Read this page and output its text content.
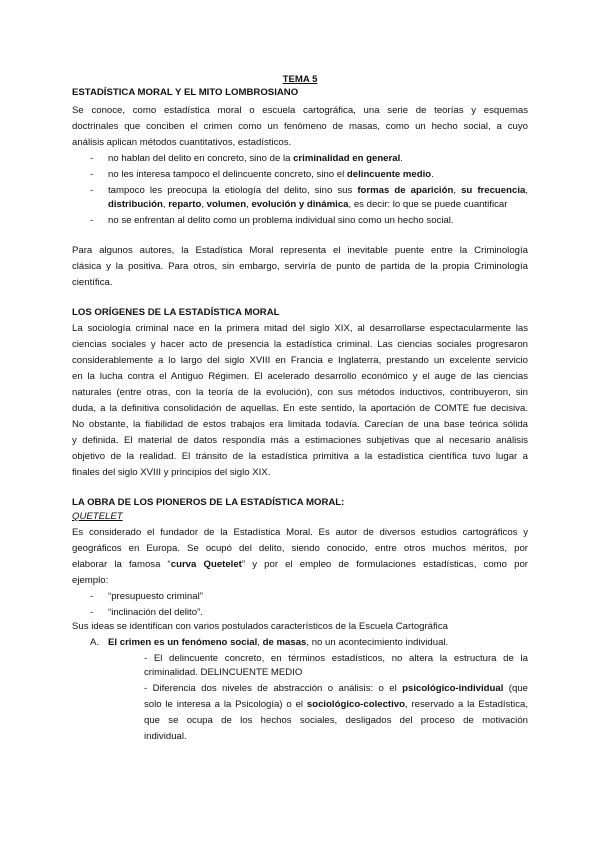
TEMA 5
ESTADÍSTICA MORAL Y EL MITO LOMBROSIANO
Se conoce, como estadística moral o escuela cartográfica, una serie de teorías y esquemas
doctrinales que conciben el crimen como un fenómeno de masas, como un hecho social, a cuyo
análisis aplican métodos cuantitativos, estadísticos.
- no hablan del delito en concreto, sino de la criminalidad en general.
- no les interesa tampoco el delincuente concreto, sino el delincuente medio.
- tampoco les preocupa la etiología del delito, sino sus formas de aparición, su frecuencia,
distribución, reparto, volumen, evolución y dinámica, es decir: lo que se puede cuantificar
- no se enfrentan al delito como un problema individual sino como un hecho social.
Para algunos autores, la Estadística Moral representa el inevitable puente entre la Criminología
clásica y la positiva. Para otros, sin embargo, serviría de punto de partida de la propia Criminología
científica.
LOS ORÍGENES DE LA ESTADÍSTICA MORAL
La sociología criminal nace en la primera mitad del siglo XIX, al desarrollarse espectacularmente las
ciencias sociales y hacer acto de presencia la estadística criminal. Las ciencias sociales progresaron
considerablemente a lo largo del siglo XVIII en Francia e Inglaterra, prestando un excelente servicio
en la lucha contra el Antiguo Régimen. El acelerado desarrollo económico y el auge de las ciencias
naturales (entre otras, con la teoría de la evolución), con sus métodos inductivos, contribuyeron, sin
duda, a la definitiva consolidación de aquellas. En este sentido, la aportación de COMTE fue decisiva.
No obstante, la fiabilidad de estos trabajos era limitada todavía. Carecían de una base teórica sólida
y definida. El material de datos respondía más a estimaciones subjetivas que al necesario análisis
objetivo de la realidad. El tránsito de la estadística primitiva a la estadística científica tuvo lugar a
finales del siglo XVIII y principios del siglo XIX.
LA OBRA DE LOS PIONEROS DE LA ESTADÍSTICA MORAL:
QUETELET
Es considerado el fundador de la Estadística Moral. Es autor de diversos estudios cartográficos y
geográficos en Europa. Se ocupó del delito, siendo conocido, entre otros muchos méritos, por
elaborar la famosa “curva Quetelet” y por el empleo de formulaciones estadísticas, como por
ejemplo:
- “presupuesto criminal”
- “inclinación del delito”.
Sus ideas se identifican con varios postulados característicos de la Escuela Cartográfica
A. El crimen es un fenómeno social, de masas, no un acontecimiento individual.
- El delincuente concreto, en términos estadísticos, no altera la estructura de la
criminalidad. DELINCUENTE MEDIO
- Diferencia dos niveles de abstracción o análisis: o el psicológico-individual (que
solo le interesa a la Psicología) o el sociológico-colectivo, reservado a la Estadística,
que se ocupa de los hechos sociales, desligados del proceso de motivación
individual.
